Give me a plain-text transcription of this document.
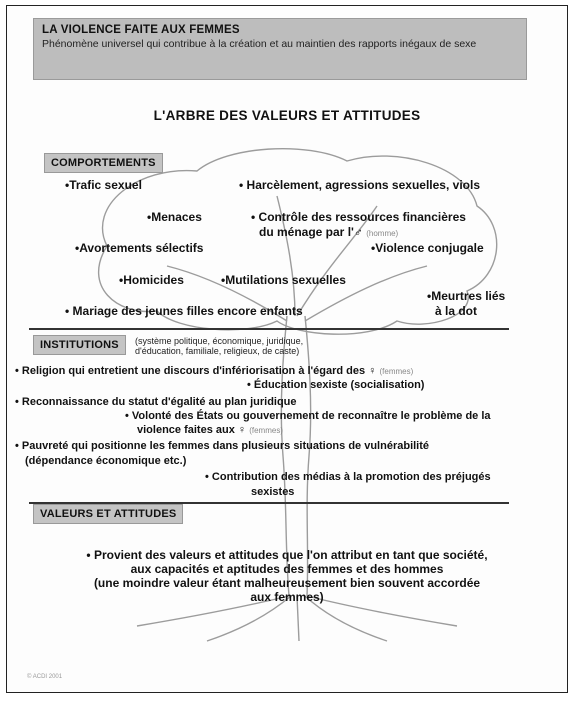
LA VIOLENCE FAITE AUX FEMMES
Phénomène universel qui contribue à la création et au maintien des rapports inégaux de sexe
L'ARBRE DES VALEURS ET ATTITUDES
COMPORTEMENTS
•Trafic sexuel	• Harcèlement, agressions sexuelles, viols
•Menaces	• Contrôle des ressources financières
du ménage par l'♂ (homme)
•Avortements sélectifs	•Violence conjugale
•Homicides	•Mutilations sexuelles
•Meurtres liés
à la dot
• Mariage des jeunes filles encore enfants
INSTITUTIONS	(système politique, économique, juridique, d'éducation, familiale, religieux, de caste)
• Religion qui entretient une discours d'infériorisation à l'égard des ♀ (femmes)
• Éducation sexiste (socialisation)
• Reconnaissance du statut d'égalité au plan juridique
• Volonté des États ou gouvernement de reconnaître le problème de la
violence faites aux ♀ (femmes)
• Pauvreté qui positionne les femmes dans plusieurs situations de vulnérabilité
(dépendance économique etc.)
• Contribution des médias à la promotion des préjugés
sexistes
VALEURS ET ATTITUDES
• Provient des valeurs et attitudes que l'on attribut en tant que société,
aux capacités et aptitudes des femmes et des hommes
(une moindre valeur étant malheureusement bien souvent accordée
aux femmes)
© ACDI 2001
